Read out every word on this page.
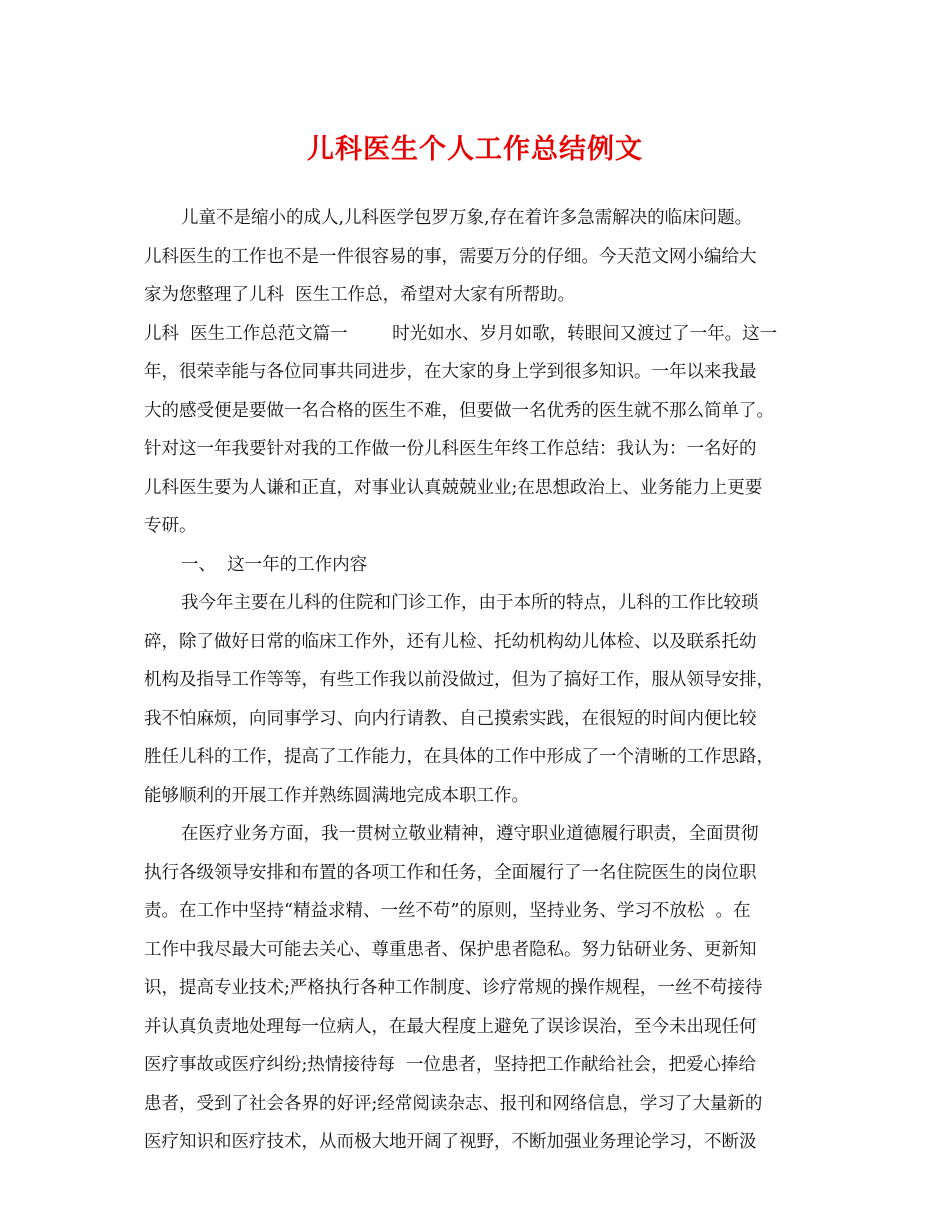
儿科医生个人工作总结例文
儿童不是缩小的成人,儿科医学包罗万象,存在着许多急需解决的临床问题。
儿科医生的工作也不是一件很容易的事，需要万分的仔细。今天范文网小编给大
家为您整理了儿科  医生工作总，希望对大家有所帮助。
儿科  医生工作总范文篇一        时光如水、岁月如歌，转眼间又渡过了一年。这一
年，很荣幸能与各位同事共同进步，在大家的身上学到很多知识。一年以来我最
大的感受便是要做一名合格的医生不难，但要做一名优秀的医生就不那么简单了。
针对这一年我要针对我的工作做一份儿科医生年终工作总结：我认为：一名好的
儿科医生要为人谦和正直，对事业认真兢兢业业;在思想政治上、业务能力上更要
专研。
一、  这一年的工作内容
我今年主要在儿科的住院和门诊工作，由于本所的特点，儿科的工作比较琐
碎，除了做好日常的临床工作外，还有儿检、托幼机构幼儿体检、以及联系托幼
机构及指导工作等等，有些工作我以前没做过，但为了搞好工作，服从领导安排，
我不怕麻烦，向同事学习、向内行请教、自己摸索实践，在很短的时间内便比较
胜任儿科的工作，提高了工作能力，在具体的工作中形成了一个清晰的工作思路，
能够顺利的开展工作并熟练圆满地完成本职工作。
在医疗业务方面，我一贯树立敬业精神，遵守职业道德履行职责，全面贯彻
执行各级领导安排和布置的各项工作和任务，全面履行了一名住院医生的岗位职
责。在工作中坚持“精益求精、一丝不苟”的原则，坚持业务、学习不放松  。在
工作中我尽最大可能去关心、尊重患者、保护患者隐私。努力钻研业务、更新知
识，提高专业技术;严格执行各种工作制度、诊疗常规的操作规程，一丝不苟接待
并认真负责地处理每一位病人，在最大程度上避免了误诊误治，至今未出现任何
医疗事故或医疗纠纷;热情接待每  一位患者，坚持把工作献给社会，把爱心捧给
患者，受到了社会各界的好评;经常阅读杂志、报刊和网络信息，学习了大量新的
医疗知识和医疗技术，从而极大地开阔了视野，不断加强业务理论学习，不断汲
